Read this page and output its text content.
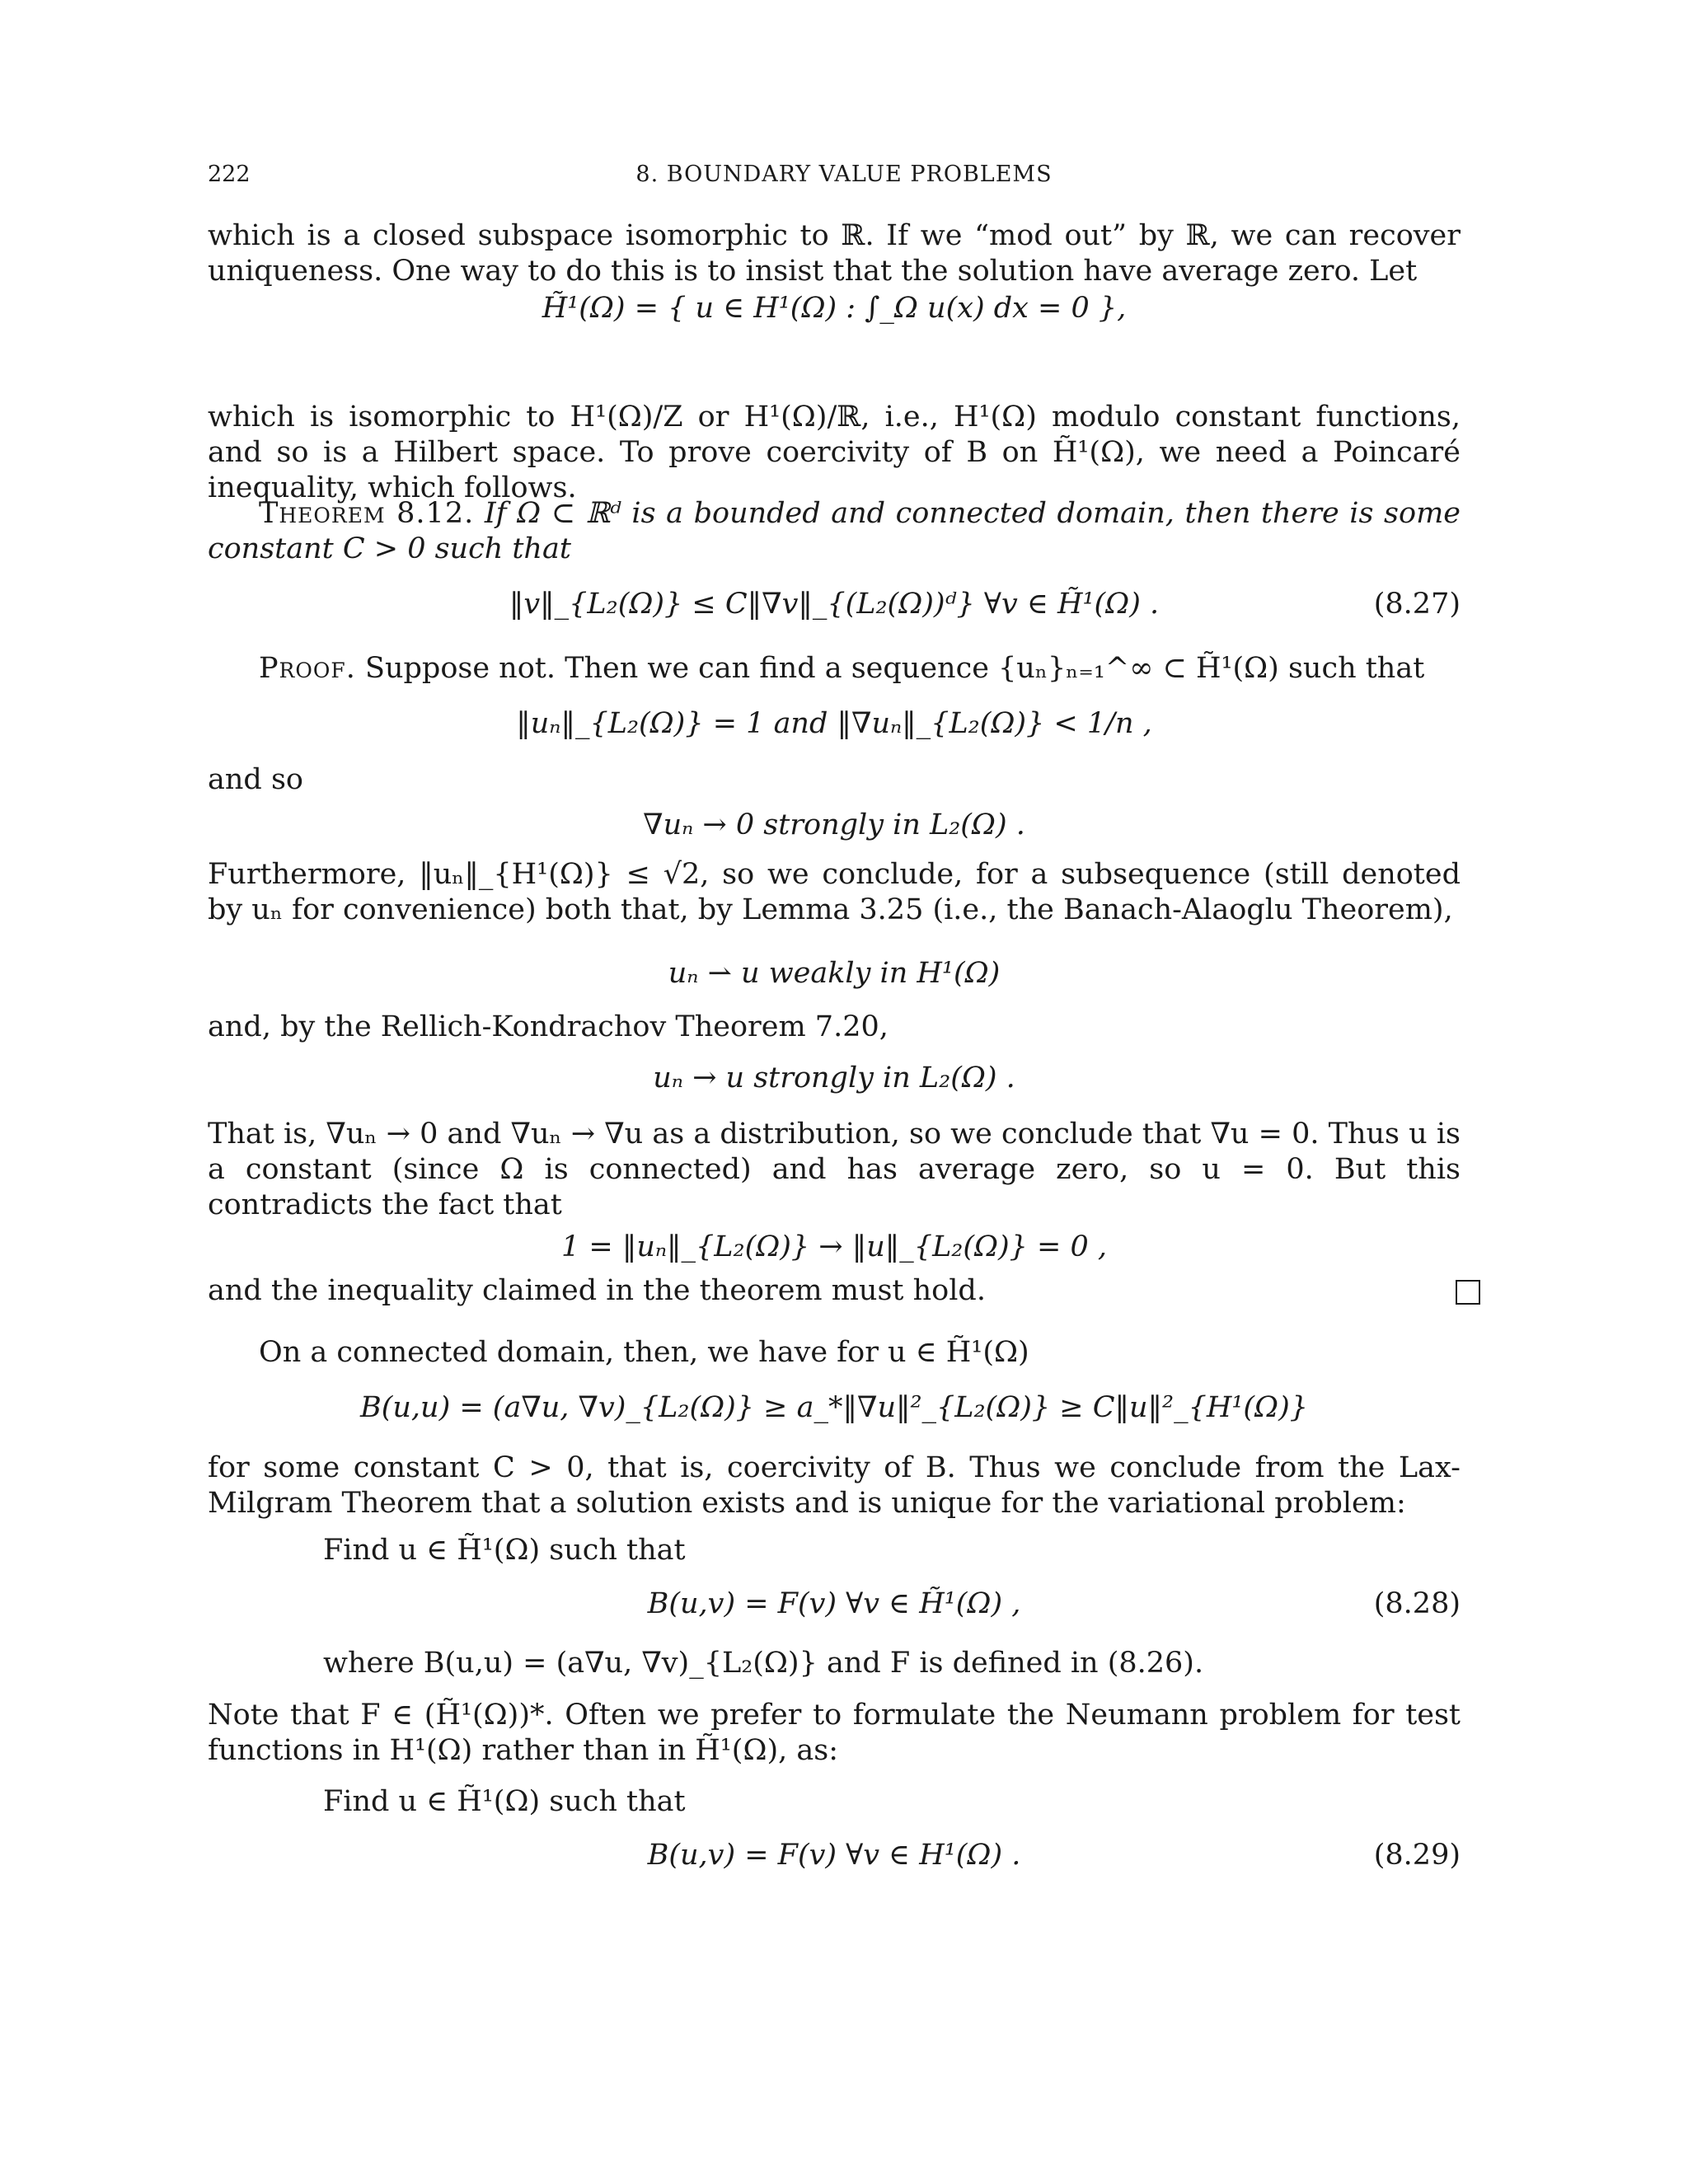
222	8. BOUNDARY VALUE PROBLEMS
which is a closed subspace isomorphic to ℝ. If we “mod out” by ℝ, we can recover uniqueness. One way to do this is to insist that the solution have average zero. Let
H̃¹(Ω) = { u ∈ H¹(Ω) : ∫_Ω u(x) dx = 0 },
which is isomorphic to H¹(Ω)/Z or H¹(Ω)/ℝ, i.e., H¹(Ω) modulo constant functions, and so is a Hilbert space. To prove coercivity of B on H̃¹(Ω), we need a Poincaré inequality, which follows.
Theorem 8.12. If Ω ⊂ ℝᵈ is a bounded and connected domain, then there is some constant C > 0 such that
‖v‖_{L₂(Ω)} ≤ C‖∇v‖_{(L₂(Ω))ᵈ} ∀v ∈ H̃¹(Ω) .	(8.27)
Proof. Suppose not. Then we can find a sequence {uₙ}ₙ₌₁^∞ ⊂ H̃¹(Ω) such that
‖uₙ‖_{L₂(Ω)} = 1 and ‖∇uₙ‖_{L₂(Ω)} < 1/n ,
and so
∇uₙ → 0 strongly in L₂(Ω) .
Furthermore, ‖uₙ‖_{H¹(Ω)} ≤ √2, so we conclude, for a subsequence (still denoted by uₙ for convenience) both that, by Lemma 3.25 (i.e., the Banach-Alaoglu Theorem),
uₙ ⇀ u weakly in H¹(Ω)
and, by the Rellich-Kondrachov Theorem 7.20,
uₙ → u strongly in L₂(Ω) .
That is, ∇uₙ → 0 and ∇uₙ → ∇u as a distribution, so we conclude that ∇u = 0. Thus u is a constant (since Ω is connected) and has average zero, so u = 0. But this contradicts the fact that
1 = ‖uₙ‖_{L₂(Ω)} → ‖u‖_{L₂(Ω)} = 0 ,
and the inequality claimed in the theorem must hold.
On a connected domain, then, we have for u ∈ H̃¹(Ω)
B(u,u) = (a∇u, ∇v)_{L₂(Ω)} ≥ a_*‖∇u‖²_{L₂(Ω)} ≥ C‖u‖²_{H¹(Ω)}
for some constant C > 0, that is, coercivity of B. Thus we conclude from the Lax-Milgram Theorem that a solution exists and is unique for the variational problem:
Find u ∈ H̃¹(Ω) such that
B(u,v) = F(v) ∀v ∈ H̃¹(Ω) ,	(8.28)
where B(u,u) = (a∇u, ∇v)_{L₂(Ω)} and F is defined in (8.26).
Note that F ∈ (H̃¹(Ω))*. Often we prefer to formulate the Neumann problem for test functions in H¹(Ω) rather than in H̃¹(Ω), as:
Find u ∈ H̃¹(Ω) such that
B(u,v) = F(v) ∀v ∈ H¹(Ω) .	(8.29)
